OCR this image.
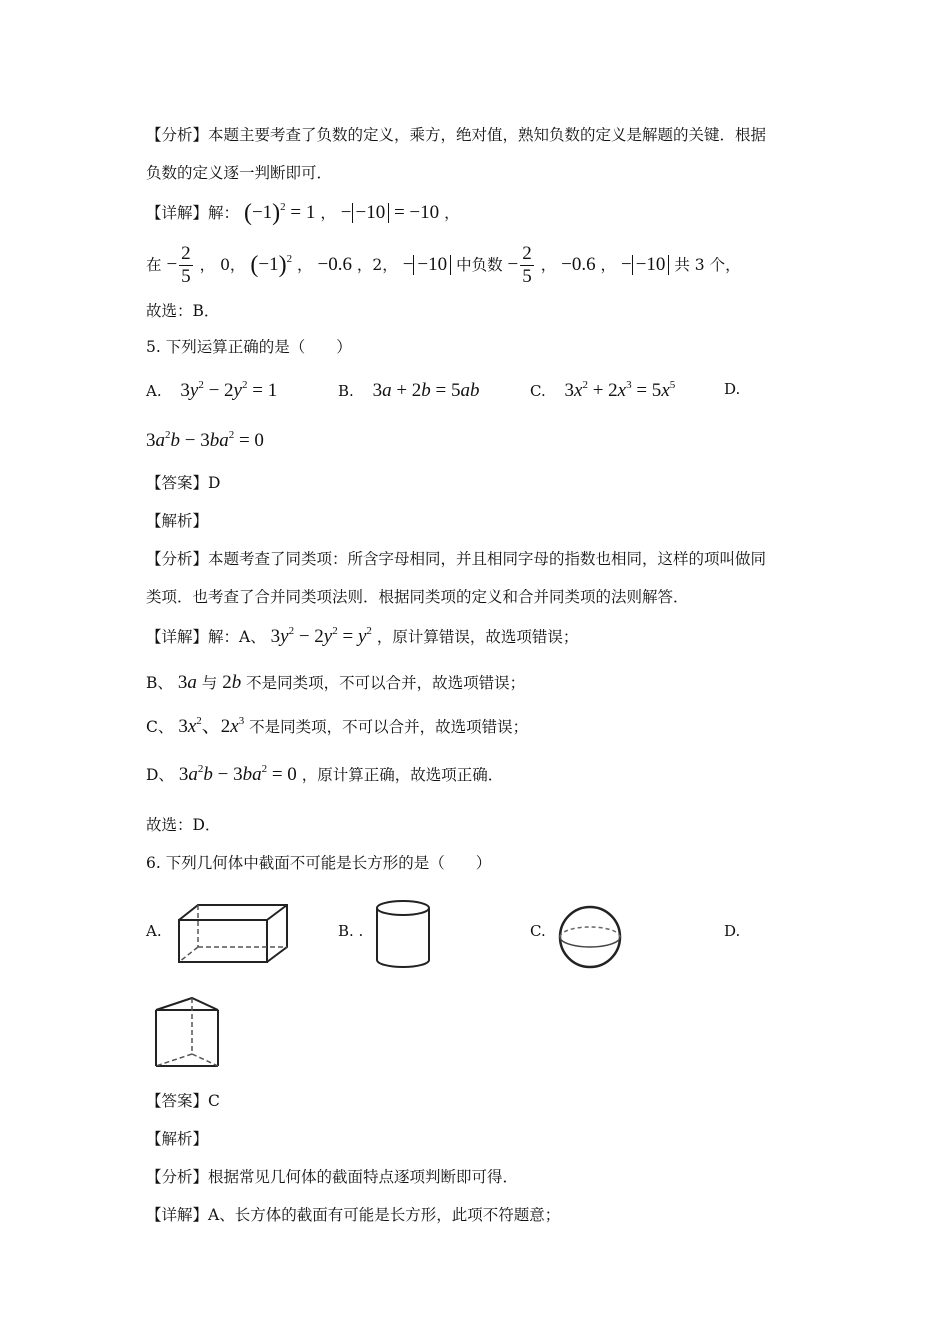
【分析】本题主要考查了负数的定义，乘方，绝对值，熟知负数的定义是解题的关键．根据
负数的定义逐一判断即可．
【详解】解： $(-1)^2 = 1$ ， − −10 = −10 ，
在 − $\frac{2}{5}$ ， 0， $(-1)^2$ ， −0.6 ，2， − −10 中负数 − $\frac{2}{5}$ ， −0.6 ， − −10 共 3 个，
故选：B．
5. 下列运算正确的是（　　）
A. $3y^2 - 2y^2 = 1$	B. 3a + 2b = 5ab	C. $3x^2 + 2x^3 = 5x^5$	D.
$3a^2b - 3ba^2 = 0$
【答案】D
【解析】
【分析】本题考查了同类项：所含字母相同，并且相同字母的指数也相同，这样的项叫做同
类项．也考查了合并同类项法则．根据同类项的定义和合并同类项的法则解答．
【详解】解：A、 $3y^2 - 2y^2 = y^2$ ，原计算错误，故选项错误；
B、 3a 与 2b 不是同类项，不可以合并，故选项错误；
C、 $3x^2$、$2x^3$ 不是同类项，不可以合并，故选项错误；
D、 $3a^2b - 3ba^2 = 0$ ，原计算正确，故选项正确．
故选：D．
6. 下列几何体中截面不可能是长方形的是（　　）
A.	B. .	C.	D.
【答案】C
【解析】
【分析】根据常见几何体的截面特点逐项判断即可得．
【详解】A、长方体的截面有可能是长方形，此项不符题意；
